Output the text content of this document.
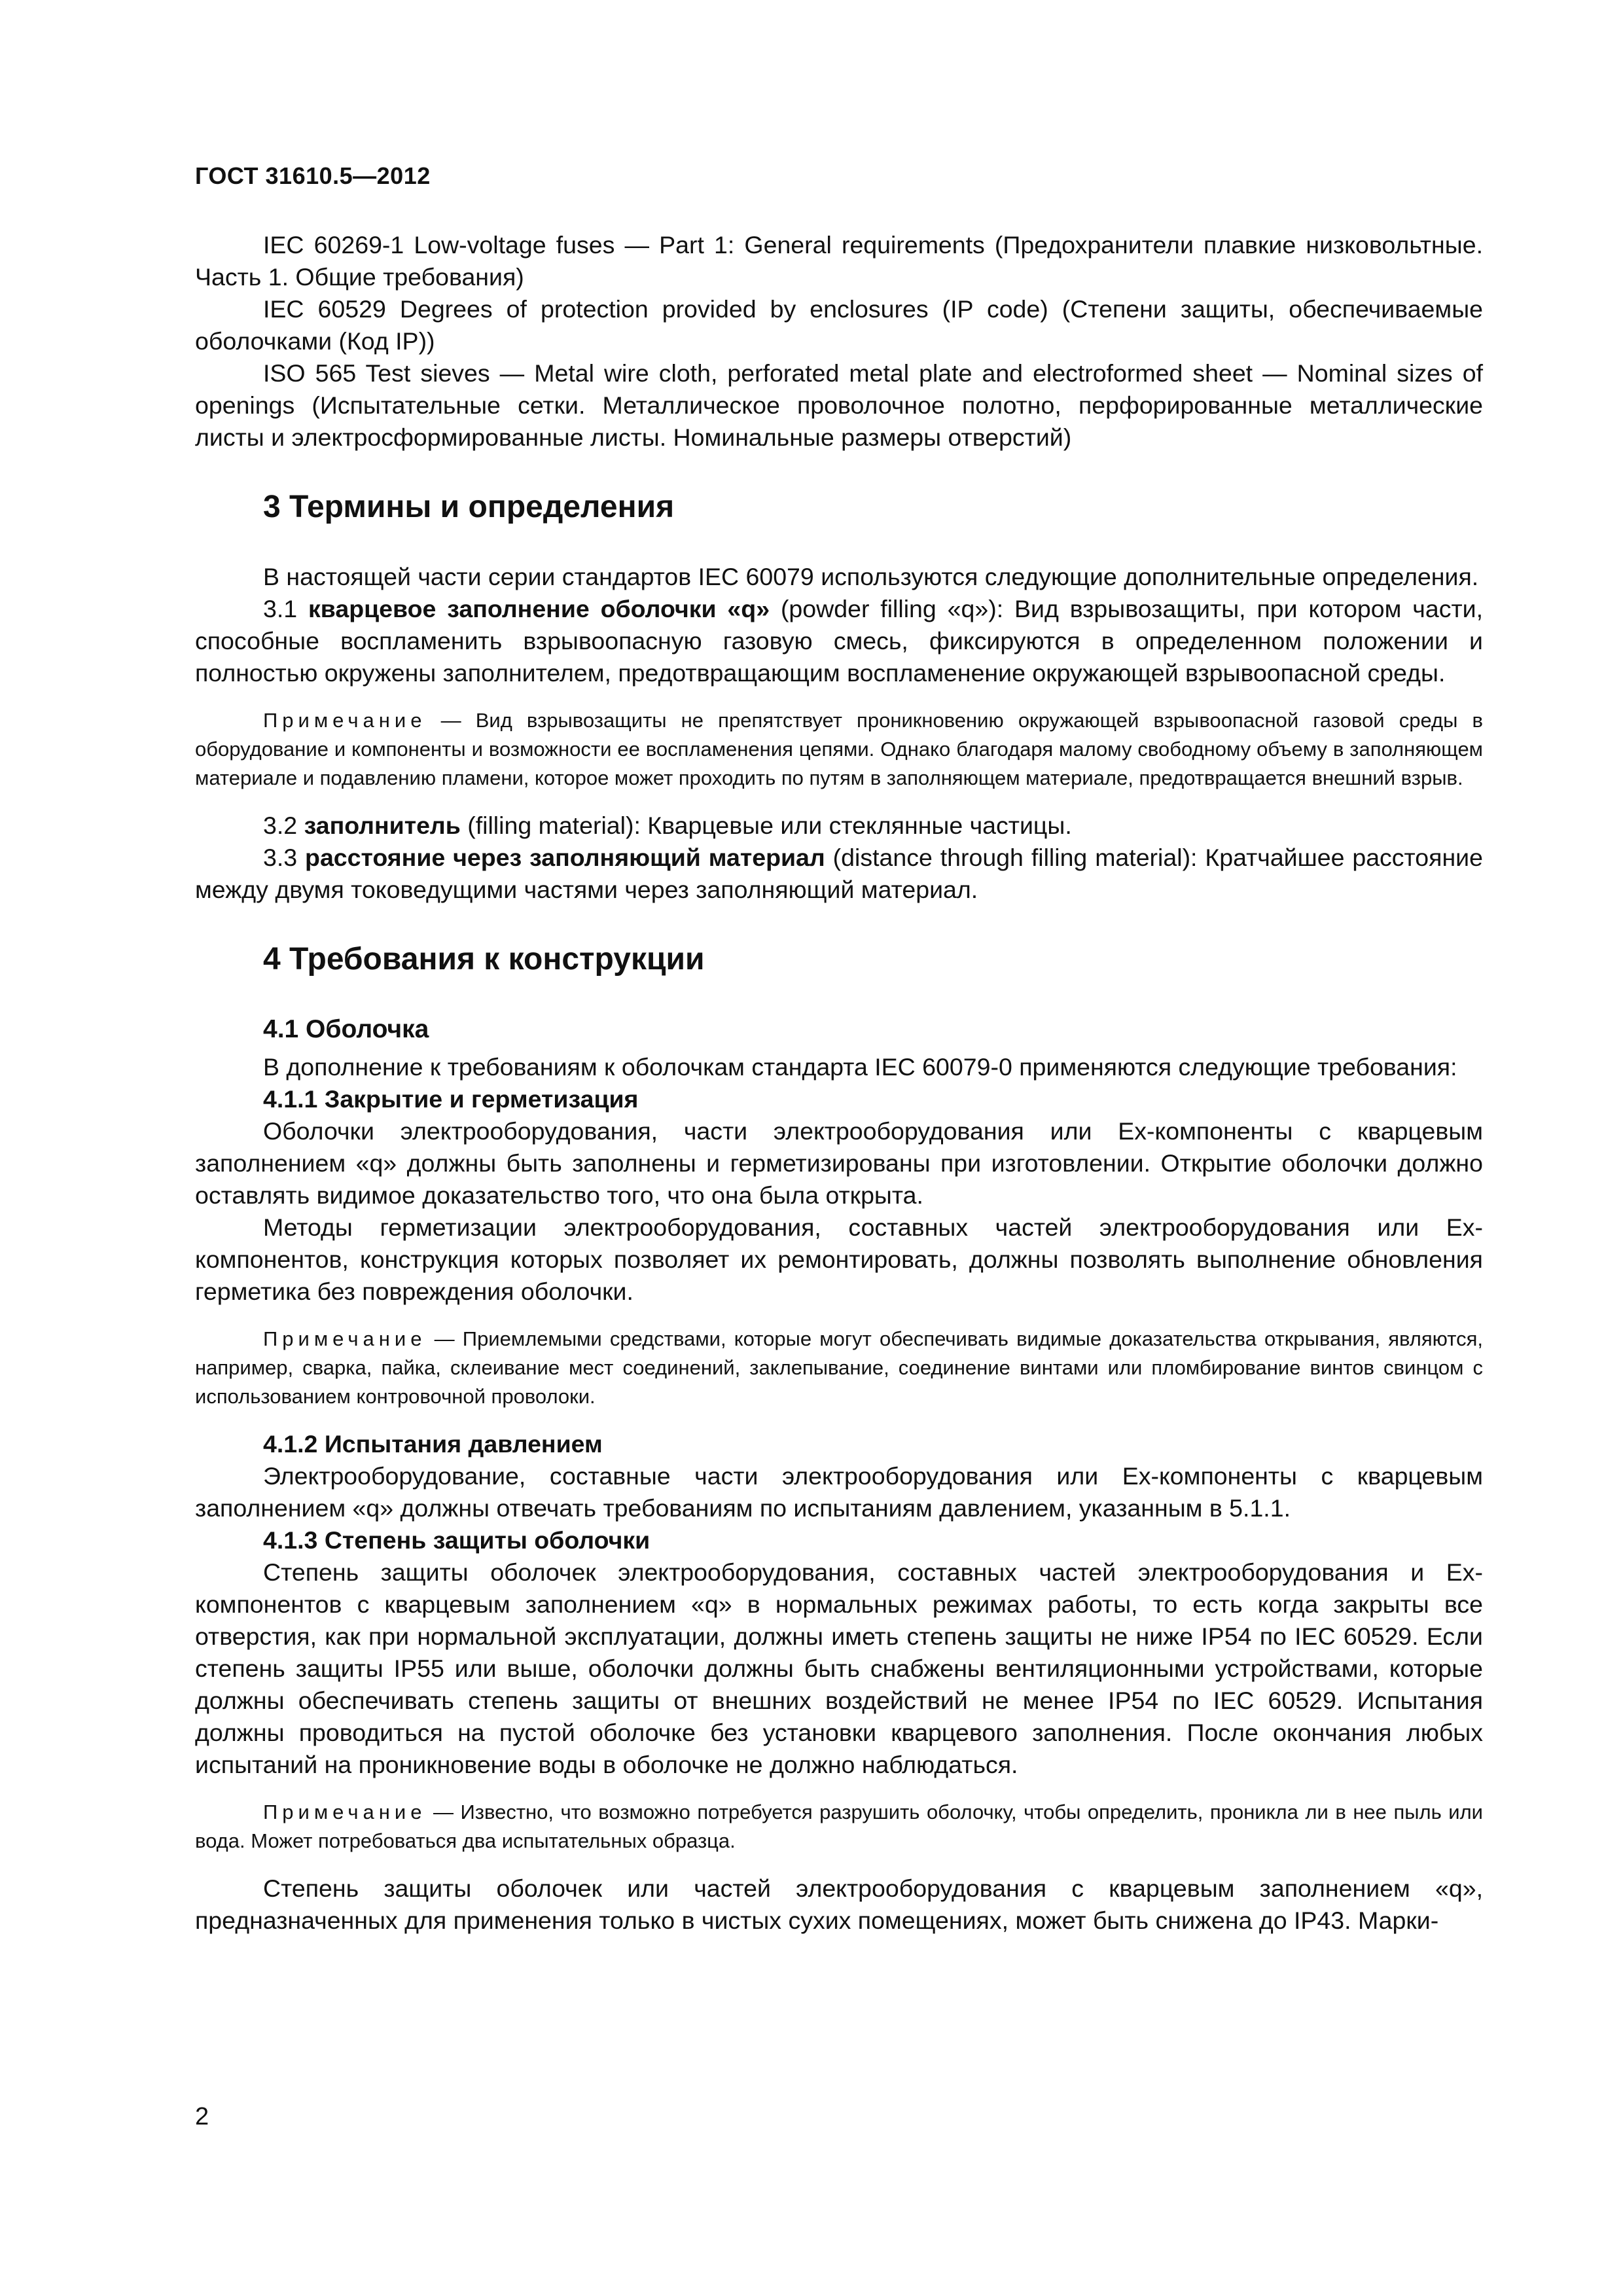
ГОСТ 31610.5—2012

IEC 60269-1 Low-voltage fuses — Part 1: General requirements (Предохранители плавкие низковольтные. Часть 1. Общие требования)

IEC 60529 Degrees of protection provided by enclosures (IP code) (Степени защиты, обеспечиваемые оболочками (Код IP))

ISO 565 Test sieves — Metal wire cloth, perforated metal plate and electroformed sheet — Nominal sizes of openings (Испытательные сетки. Металлическое проволочное полотно, перфорированные металлические листы и электросформированные листы. Номинальные размеры отверстий)

3 Термины и определения

В настоящей части серии стандартов IEC 60079 используются следующие дополнительные определения.

3.1 кварцевое заполнение оболочки «q» (powder filling «q»): Вид взрывозащиты, при котором части, способные воспламенить взрывоопасную газовую смесь, фиксируются в определенном положении и полностью окружены заполнителем, предотвращающим воспламенение окружающей взрывоопасной среды.

Примечание — Вид взрывозащиты не препятствует проникновению окружающей взрывоопасной газовой среды в оборудование и компоненты и возможности ее воспламенения цепями. Однако благодаря малому свободному объему в заполняющем материале и подавлению пламени, которое может проходить по путям в заполняющем материале, предотвращается внешний взрыв.

3.2 заполнитель (filling material): Кварцевые или стеклянные частицы.

3.3 расстояние через заполняющий материал (distance through filling material): Кратчайшее расстояние между двумя токоведущими частями через заполняющий материал.

4 Требования к конструкции
4.1 Оболочка

В дополнение к требованиям к оболочкам стандарта IEC 60079-0 применяются следующие требования:

4.1.1 Закрытие и герметизация

Оболочки электрооборудования, части электрооборудования или Ех-компоненты с кварцевым заполнением «q» должны быть заполнены и герметизированы при изготовлении. Открытие оболочки должно оставлять видимое доказательство того, что она была открыта.

Методы герметизации электрооборудования, составных частей электрооборудования или Ех-компонентов, конструкция которых позволяет их ремонтировать, должны позволять выполнение обновления герметика без повреждения оболочки.

Примечание — Приемлемыми средствами, которые могут обеспечивать видимые доказательства открывания, являются, например, сварка, пайка, склеивание мест соединений, заклепывание, соединение винтами или пломбирование винтов свинцом с использованием контровочной проволоки.

4.1.2 Испытания давлением

Электрооборудование, составные части электрооборудования или Ех-компоненты с кварцевым заполнением «q» должны отвечать требованиям по испытаниям давлением, указанным в 5.1.1.

4.1.3 Степень защиты оболочки

Степень защиты оболочек электрооборудования, составных частей электрооборудования и Ех-компонентов с кварцевым заполнением «q» в нормальных режимах работы, то есть когда закрыты все отверстия, как при нормальной эксплуатации, должны иметь степень защиты не ниже IP54 по IEC 60529. Если степень защиты IP55 или выше, оболочки должны быть снабжены вентиляционными устройствами, которые должны обеспечивать степень защиты от внешних воздействий не менее IP54 по IEC 60529. Испытания должны проводиться на пустой оболочке без установки кварцевого заполнения. После окончания любых испытаний на проникновение воды в оболочке не должно наблюдаться.

Примечание — Известно, что возможно потребуется разрушить оболочку, чтобы определить, проникла ли в нее пыль или вода. Может потребоваться два испытательных образца.

Степень защиты оболочек или частей электрооборудования с кварцевым заполнением «q», предназначенных для применения только в чистых сухих помещениях, может быть снижена до IP43. Марки-

2
